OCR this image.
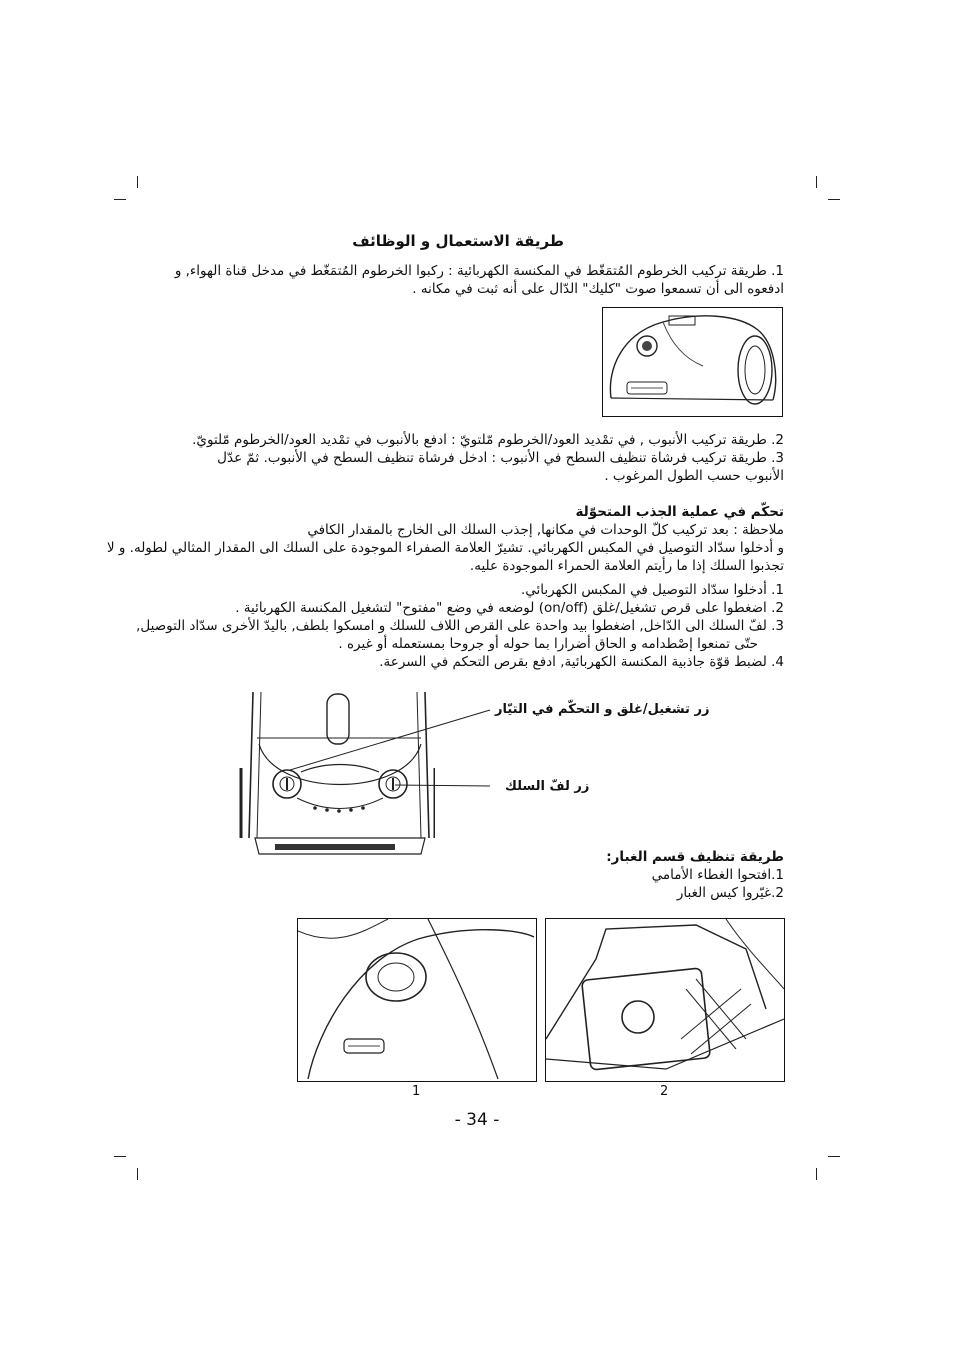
طريقة الاستعمال و الوظائف
1. طريقة تركيب الخرطوم المُتمَغّط في المكنسة الكهربائية : ركبوا الخرطوم المُتمَغّط في مدخل قناة الهواء, و
ادفعوه الى أن تسمعوا صوت "كليك" الدّال على أنه ثبت في مكانه .
2. طريقة تركيب الأنبوب , في تمْديد العود/الخرطوم مّلتويّ : ادفع بالأنبوب في تمْديد العود/الخرطوم مّلتويّ.
3. طريقة تركيب فرشاة تنظيف السطح في الأنبوب : ادخل فرشاة تنظيف السطح في الأنبوب. ثمّ عدّل
الأنبوب حسب الطول المرغوب .
تحكّم في عملية الجذب المتحوّلة
ملاحظة : بعد تركيب كلّ الوحدات في مكانها, إجذب السلك الى الخارج بالمقدار الكافي
و أدخلوا سدّاد التوصيل في المكبس الكهربائي. تشيرّ العلامة الصفراء الموجودة على السلك الى المقدار المثالي لطوله. و لا
تجذبوا السلك إذا ما رأيتم العلامة الحمراء الموجودة عليه.
1. أدخلوا سدّاد التوصيل في المكبس الكهربائي.
2. اضغطوا على قرص تشغيل/غلق (on/off) لوضعه في وضع "مفتوح" لتشغيل المكنسة الكهربائية .
3. لفّ السلك الى الدّاخل, اضغطوا بيد واحدة على القرص اللاف للسلك و امسكوا بلطف, باليدّ الأخرى سدّاد التوصيل,
حتّى تمنعوا إصْطدامه و الحاق أضرارا بما حوله أو جروحا بمستعمله أو غيره .
4. لضبط قوّة جاذبية المكنسة الكهربائية, ادفع بقرص التحكم في السرعة.
زر تشغيل/غلق و التحكّم في التيّار
زر لفّ السلك
طريقة تنظيف قسم الغبار:
1.افتحوا الغطاء الأمامي
2.غيّروا كيس الغبار
1	2
- 34 -
